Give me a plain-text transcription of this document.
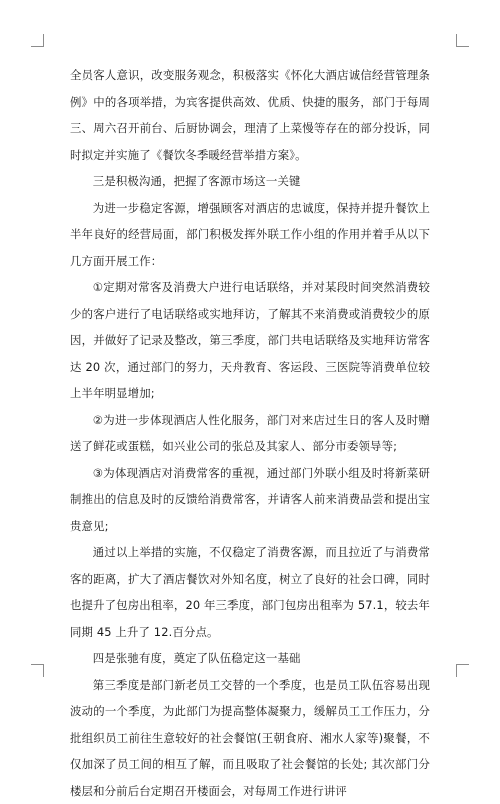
全员客人意识，改变服务观念，积极落实《怀化大酒店诚信经营管理条例》中的各项举措，为宾客提供高效、优质、快捷的服务，部门于每周三、周六召开前台、后厨协调会，理清了上菜慢等存在的部分投诉，同时拟定并实施了《餐饮冬季暖经营举措方案》。

三是积极沟通，把握了客源市场这一关键

为进一步稳定客源，增强顾客对酒店的忠诚度，保持并提升餐饮上半年良好的经营局面，部门积极发挥外联工作小组的作用并着手从以下几方面开展工作：

①定期对常客及消费大户进行电话联络，并对某段时间突然消费较少的客户进行了电话联络或实地拜访，了解其不来消费或消费较少的原因，并做好了记录及整改，第三季度，部门共电话联络及实地拜访常客达 20 次，通过部门的努力，天舟教育、客运段、三医院等消费单位较上半年明显增加;

②为进一步体现酒店人性化服务，部门对来店过生日的客人及时赠送了鲜花或蛋糕，如兴业公司的张总及其家人、部分市委领导等;

③为体现酒店对消费常客的重视，通过部门外联小组及时将新菜研制推出的信息及时的反馈给消费常客，并请客人前来消费品尝和提出宝贵意见;

通过以上举措的实施，不仅稳定了消费客源，而且拉近了与消费常客的距离，扩大了酒店餐饮对外知名度，树立了良好的社会口碑，同时也提升了包房出租率，20 年三季度，部门包房出租率为 57.1，较去年同期 45 上升了 12.百分点。

四是张驰有度，奠定了队伍稳定这一基础

第三季度是部门新老员工交替的一个季度，也是员工队伍容易出现波动的一个季度，为此部门为提高整体凝聚力，缓解员工工作压力，分批组织员工前往生意较好的社会餐馆(王朝食府、湘水人家等)聚餐，不仅加深了员工间的相互了解，而且吸取了社会餐馆的长处; 其次部门分楼层和分前后台定期召开楼面会，对每周工作进行讲评
